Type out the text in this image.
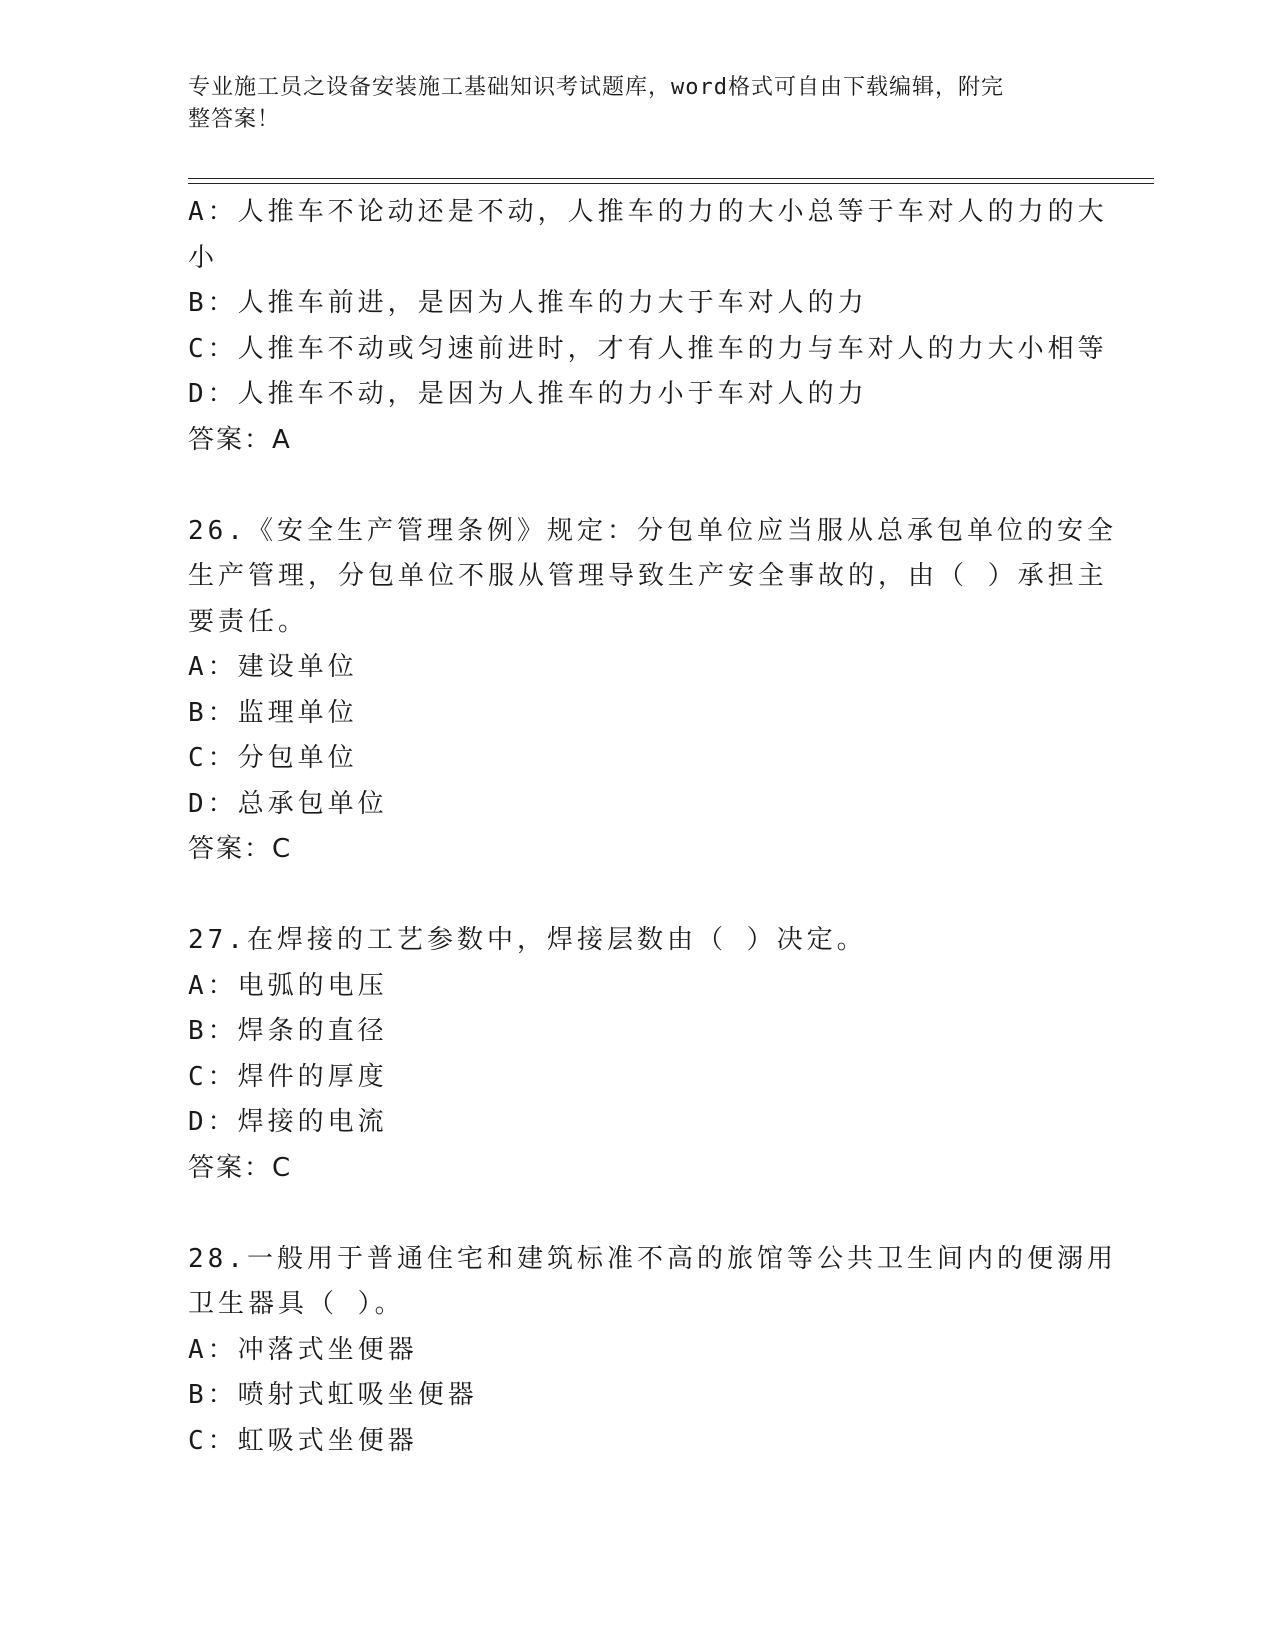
专业施工员之设备安装施工基础知识考试题库，word格式可自由下载编辑，附完
整答案！

A：人推车不论动还是不动，人推车的力的大小总等于车对人的力的大

小

B：人推车前进，是因为人推车的力大于车对人的力

C：人推车不动或匀速前进时，才有人推车的力与车对人的力大小相等

D：人推车不动，是因为人推车的力小于车对人的力

答案：A

26.《安全生产管理条例》规定：分包单位应当服从总承包单位的安全

生产管理，分包单位不服从管理导致生产安全事故的，由（ ）承担主

要责任。

A：建设单位

B：监理单位

C：分包单位

D：总承包单位

答案：C

27.在焊接的工艺参数中，焊接层数由（ ）决定。

A：电弧的电压

B：焊条的直径

C：焊件的厚度

D：焊接的电流

答案：C

28.一般用于普通住宅和建筑标准不高的旅馆等公共卫生间内的便溺用

卫生器具（ ）。

A：冲落式坐便器

B：喷射式虹吸坐便器

C：虹吸式坐便器
